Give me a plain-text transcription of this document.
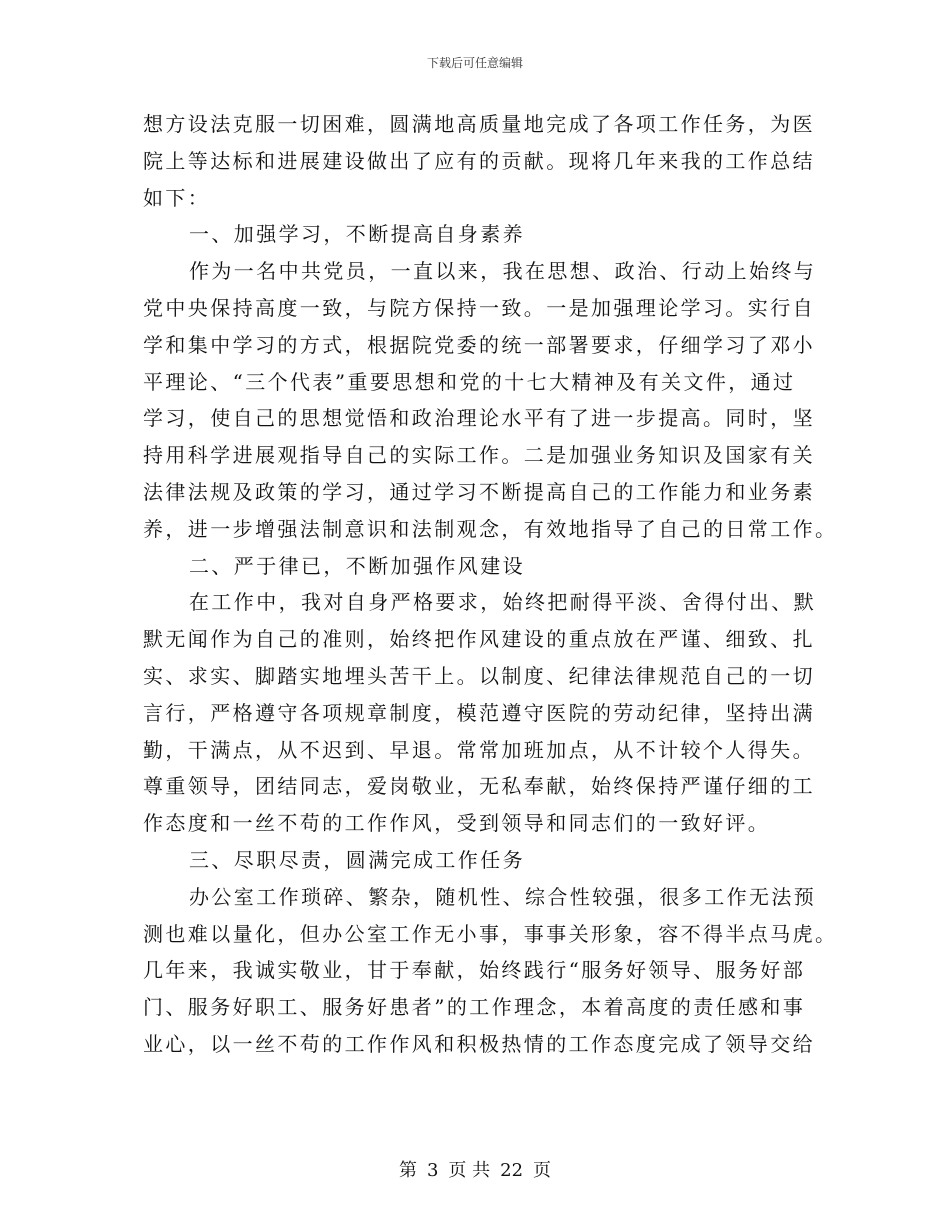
下载后可任意编辑
想方设法克服一切困难，圆满地高质量地完成了各项工作任务，为医
院上等达标和进展建设做出了应有的贡献。现将几年来我的工作总结
如下：
一、加强学习，不断提高自身素养
作为一名中共党员，一直以来，我在思想、政治、行动上始终与
党中央保持高度一致，与院方保持一致。一是加强理论学习。实行自
学和集中学习的方式，根据院党委的统一部署要求，仔细学习了邓小
平理论、“三个代表”重要思想和党的十七大精神及有关文件，通过
学习，使自己的思想觉悟和政治理论水平有了进一步提高。同时，坚
持用科学进展观指导自己的实际工作。二是加强业务知识及国家有关
法律法规及政策的学习，通过学习不断提高自己的工作能力和业务素
养，进一步增强法制意识和法制观念，有效地指导了自己的日常工作。
二、严于律已，不断加强作风建设
在工作中，我对自身严格要求，始终把耐得平淡、舍得付出、默
默无闻作为自己的准则，始终把作风建设的重点放在严谨、细致、扎
实、求实、脚踏实地埋头苦干上。以制度、纪律法律规范自己的一切
言行，严格遵守各项规章制度，模范遵守医院的劳动纪律，坚持出满
勤，干满点，从不迟到、早退。常常加班加点，从不计较个人得失。
尊重领导，团结同志，爱岗敬业，无私奉献，始终保持严谨仔细的工
作态度和一丝不苟的工作作风，受到领导和同志们的一致好评。
三、尽职尽责，圆满完成工作任务
办公室工作琐碎、繁杂，随机性、综合性较强，很多工作无法预
测也难以量化，但办公室工作无小事，事事关形象，容不得半点马虎。
几年来，我诚实敬业，甘于奉献，始终践行“服务好领导、服务好部
门、服务好职工、服务好患者”的工作理念，本着高度的责任感和事
业心，以一丝不苟的工作作风和积极热情的工作态度完成了领导交给
第 3 页 共 22 页
